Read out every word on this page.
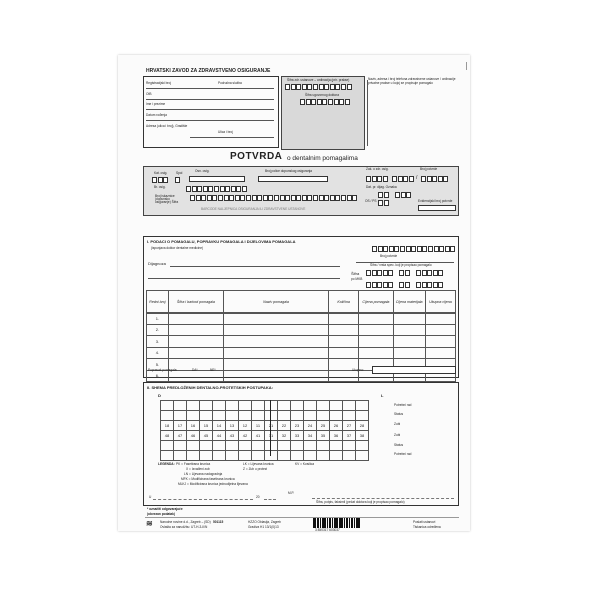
HRVATSKI ZAVOD ZA ZDRAVSTVENO OSIGURANJE
Registracijski broj	Područna služba
OIB
Ime i prezime
Datum rođenja
Adresa (ulica i broj), Gradište
Ulica i broj
Šifra zdr. ustanove – ordinacija (prir. prakse)
Šifra ugovornog doktora
Naziv, adresa i broj telefona zdravstvene ustanove / ordinacije privatne prakse u kojoj se propisuje pomagalo
POTVRDA o dentalnim pomagalima
Kat. osig.	Spol
Br. osig.
Osn. osig.	Broj police dopunskog osiguranja
Broj iskaznice (dopunsko osiguranje) Šifra
BARCODE NALJEPNICA OSIGURANJA ILI ZDRAVSTVENE USTANOVE
Zak. o zdr. osig.	Broj potvrde
/
Dat. pr. dijag. Oznaka
OS / PS	Evidencijski broj potvrde
I. PODACI O POMAGALU, POPRAVKU POMAGALA I DIJELOVIMA POMAGALA
(ispunjava doktor dentalne medicine)
Broj potvrde
Dijagnoza	Šifra / vrsta spec. koji je propisao pomagalo
Šifra
po MKB
Redni broj	Šifra i barkod pomagala	Naziv pomagala	Količina	Cijena pomagala	Cijena materijala	Ukupna cijena
1.						
2.						
3.						
4.						
5.						
6.						
Popravak pomagala:	DA*	NE*	Ukupno:
II. SHEMA PREDLOŽENIH DENTALNO-PROTETSKIH POSTUPAKA:
D	L
Potrebni rad
Status
Zubi
Zubi
Status
Potrebni rad

18	17	16	15	14	13	12	11	21	22	23	24	25	26	27	28
48	47	46	45	44	43	42	41	31	32	33	34	35	36	37	38

LEGENDA: PK = Fasetirana krunica	LK = Lijevana krunica	KV = Kvačica
X = Izvađeni zub	Z = Zub u protezi
LN = Lijevana nadogradnja
MFK = Modificirana fasetirana krunica
MLKJ = Modificirana krunica jednodijelna lijevana
U	20
M.P.
Šifra, potpis, faksimil (pečat doktora koji je propisao pomagalo)
* označiti odgovarajuće
(obvezan podatak)
≋ Narodne novine d.d., Zagreb – (SD)
Ovlašta za narudžbu: UT-H-3-II/N
501115	HZZO Oblasija, Zagreb
Gradiva H1 13/1(0)13
3 850317 603037
Poslati ustanovi
Tiskanica određena
